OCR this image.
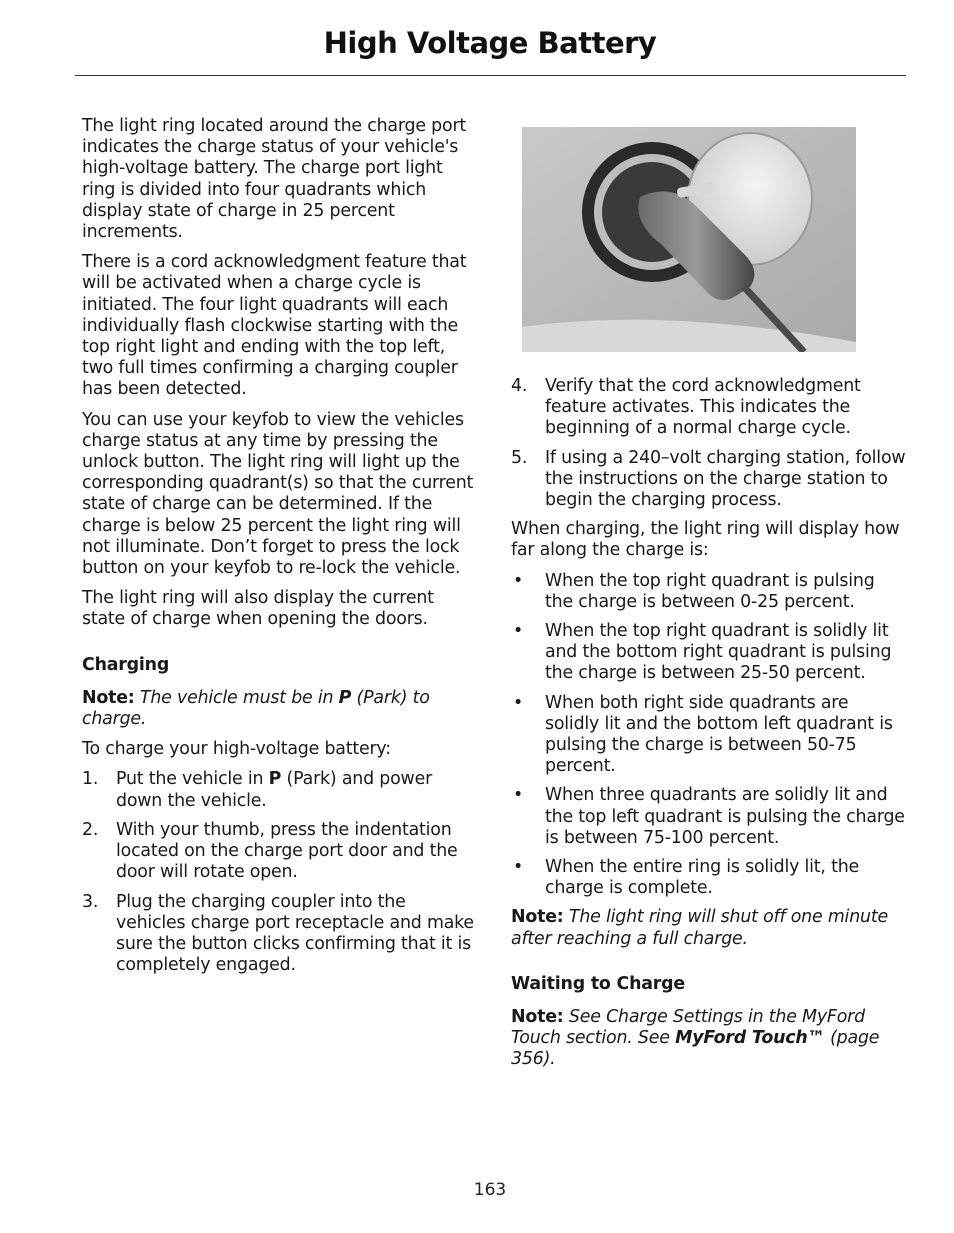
High Voltage Battery

The light ring located around the charge port indicates the charge status of your vehicle's high-voltage battery. The charge port light ring is divided into four quadrants which display state of charge in 25 percent increments.

There is a cord acknowledgment feature that will be activated when a charge cycle is initiated. The four light quadrants will each individually flash clockwise starting with the top right light and ending with the top left, two full times confirming a charging coupler has been detected.

You can use your keyfob to view the vehicles charge status at any time by pressing the unlock button. The light ring will light up the corresponding quadrant(s) so that the current state of charge can be determined. If the charge is below 25 percent the light ring will not illuminate. Don’t forget to press the lock button on your keyfob to re-lock the vehicle.

The light ring will also display the current state of charge when opening the doors.

Charging

Note: The vehicle must be in P (Park) to charge.

To charge your high-voltage battery:

1. Put the vehicle in P (Park) and power down the vehicle.
2. With your thumb, press the indentation located on the charge port door and the door will rotate open.
3. Plug the charging coupler into the vehicles charge port receptacle and make sure the button clicks confirming that it is completely engaged.
4. Verify that the cord acknowledgment feature activates. This indicates the beginning of a normal charge cycle.
5. If using a 240–volt charging station, follow the instructions on the charge station to begin the charging process.

When charging, the light ring will display how far along the charge is:

• When the top right quadrant is pulsing the charge is between 0-25 percent.
• When the top right quadrant is solidly lit and the bottom right quadrant is pulsing the charge is between 25-50 percent.
• When both right side quadrants are solidly lit and the bottom left quadrant is pulsing the charge is between 50-75 percent.
• When three quadrants are solidly lit and the top left quadrant is pulsing the charge is between 75-100 percent.
• When the entire ring is solidly lit, the charge is complete.

Note: The light ring will shut off one minute after reaching a full charge.

Waiting to Charge

Note: See Charge Settings in the MyFord Touch section. See MyFord Touch™ (page 356).

163
